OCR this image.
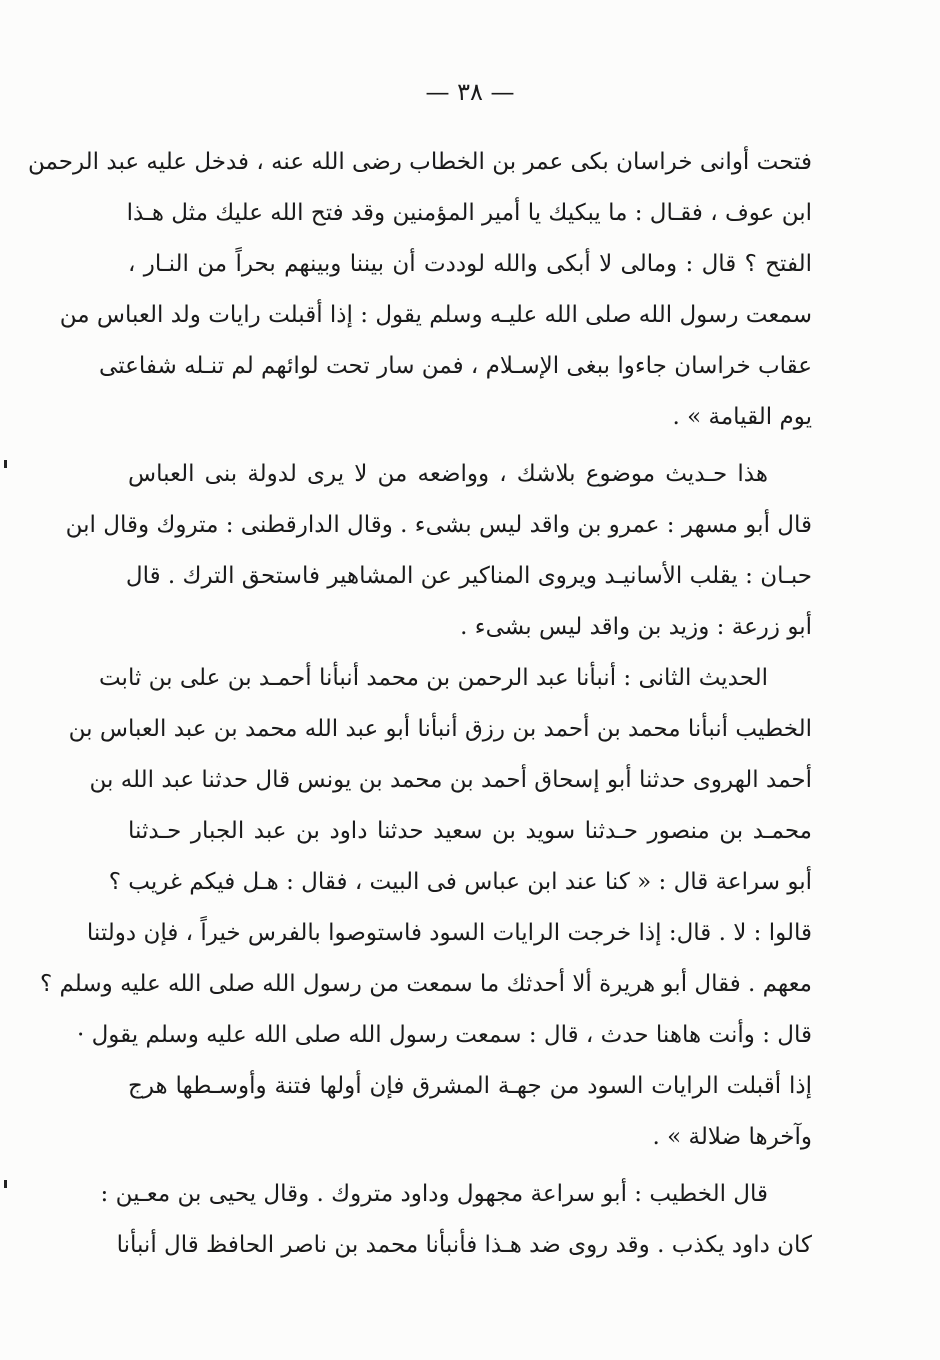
— ٣٨ —
فتحت أوانى خراسان بكى عمر بن الخطاب رضى الله عنه ، فدخل عليه عبد الرحمن
ابن عوف ، فقـال : ما يبكيك يا أمير المؤمنين وقد فتح الله عليك مثل هـذا
الفتح ؟ قال : ومالى لا أبكى والله لوددت أن بيننا وبينهم بحراً من النـار ،
سمعت رسول الله صلى الله عليـه وسلم يقول : إذا أقبلت رايات ولد العباس من
عقاب خراسان جاءوا ببغى الإسـلام ، فمن سار تحت لوائهم لم تنـله شفاعتى
يوم القيامة » .
هذا حـديث موضوع بلاشك ، وواضعه من لا يرى لدولة بنى العباس
قال أبو مسهر : عمرو بن واقد ليس بشىء . وقال الدارقطنى : متروك وقال ابن
حبـان : يقلب الأسانيـد ويروى المناكير عن المشاهير فاستحق الترك . قال
أبو زرعة : وزيد بن واقد ليس بشىء .
الحديث الثانى : أنبأنا عبد الرحمن بن محمد أنبأنا أحمـد بن على بن ثابت
الخطيب أنبأنا محمد بن أحمد بن رزق أنبأنا أبو عبد الله محمد بن عبد العباس بن
أحمد الهروى حدثنا أبو إسحاق أحمد بن محمد بن يونس قال حدثنا عبد الله بن
محمـد بن منصور حـدثنا سويد بن سعيد حدثنا داود بن عبد الجبار حـدثنا
أبو سراعة قال : « كنا عند ابن عباس فى البيت ، فقال : هـل فيكم غريب ؟
قالوا : لا . قال: إذا خرجت الرايات السود فاستوصوا بالفرس خيراً ، فإن دولتنا
معهم . فقال أبو هريرة ألا أحدثك ما سمعت من رسول الله صلى الله عليه وسلم ؟
قال : وأنت هاهنا حدث ، قال : سمعت رسول الله صلى الله عليه وسلم يقول ·
إذا أقبلت الرايات السود من جهـة المشرق فإن أولها فتنة وأوسـطها هرج
وآخرها ضلالة » .
قال الخطيب : أبو سراعة مجهول وداود متروك . وقال يحيى بن معـين :
كان داود يكذب . وقد روى ضد هـذا فأنبأنا محمد بن ناصر الحافظ قال أنبأنا
